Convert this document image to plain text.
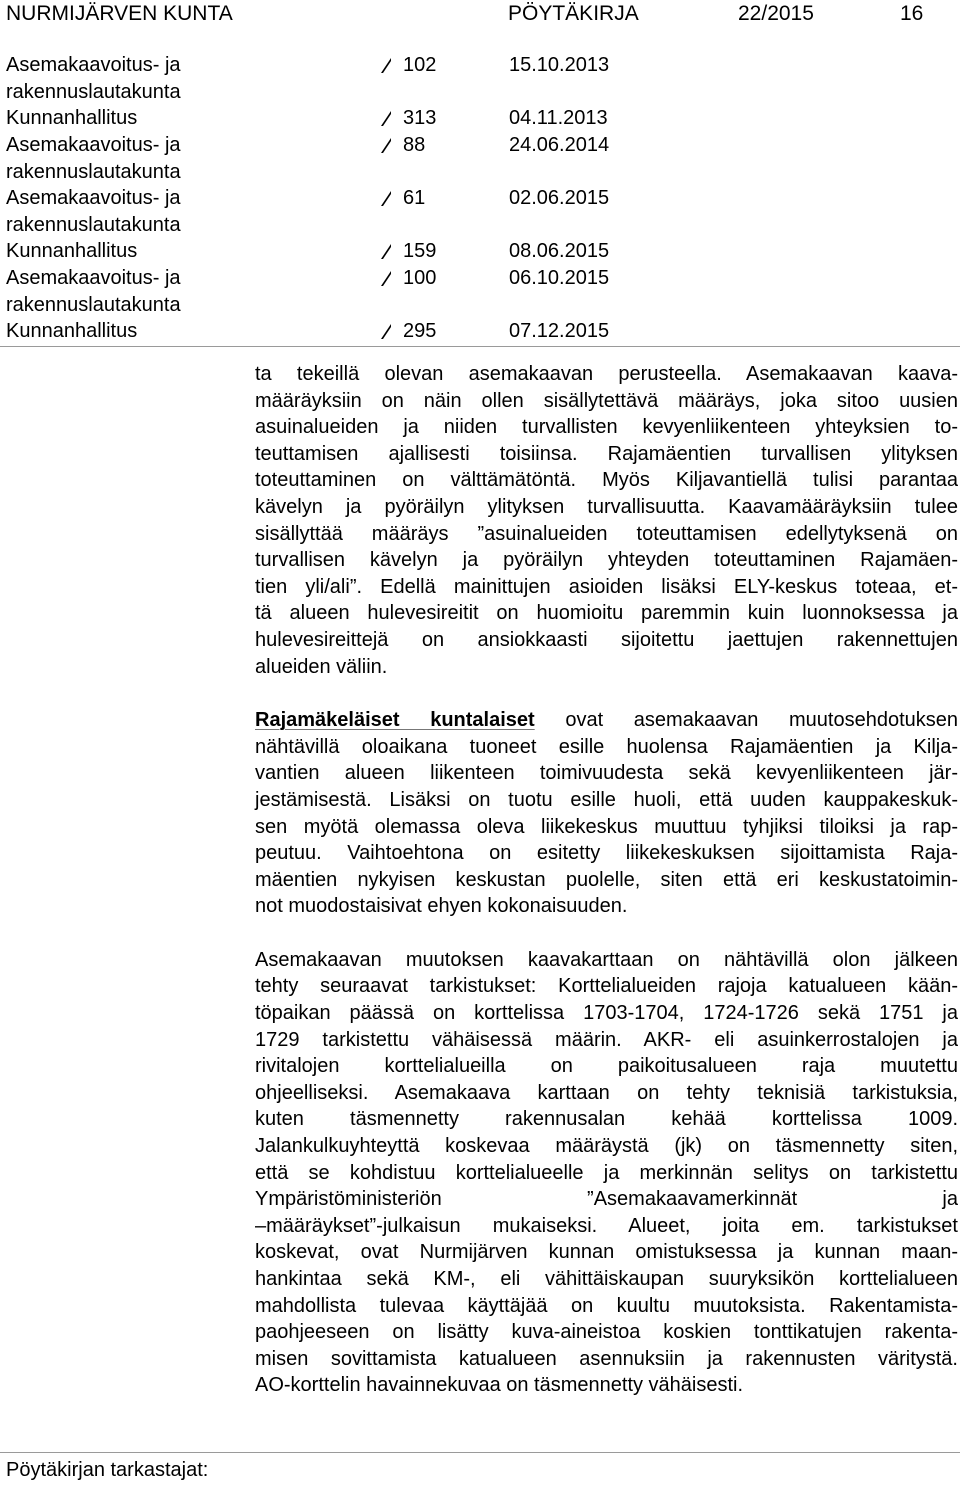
NURMIJÄRVEN KUNTA	PÖYTÄKIRJA	22/2015	16
Asemakaavoitus- ja
rakennuslautakunta
102	15.10.2013
Kunnanhallitus	313	04.11.2013
Asemakaavoitus- ja
rakennuslautakunta
88	24.06.2014
Asemakaavoitus- ja
rakennuslautakunta
61	02.06.2015
Kunnanhallitus	159	08.06.2015
Asemakaavoitus- ja
rakennuslautakunta
100	06.10.2015
Kunnanhallitus	295	07.12.2015

ta tekeillä olevan asemakaavan perusteella. Asemakaavan kaava-
määräyksiin on näin ollen sisällytettävä määräys, joka sitoo uusien
asuinalueiden ja niiden turvallisten kevyenliikenteen yhteyksien to-
teuttamisen ajallisesti toisiinsa. Rajamäentien turvallisen ylityksen
toteuttaminen on välttämätöntä. Myös Kiljavantiellä tulisi parantaa
kävelyn ja pyöräilyn ylityksen turvallisuutta. Kaavamääräyksiin tulee
sisällyttää määräys ”asuinalueiden toteuttamisen edellytyksenä on
turvallisen kävelyn ja pyöräilyn yhteyden toteuttaminen Rajamäen-
tien yli/ali”. Edellä mainittujen asioiden lisäksi ELY-keskus toteaa, et-
tä alueen hulevesireitit on huomioitu paremmin kuin luonnoksessa ja
hulevesireittejä on ansiokkaasti sijoitettu jaettujen rakennettujen
alueiden väliin.

Rajamäkeläiset kuntalaiset ovat asemakaavan muutosehdotuksen
nähtävillä oloaikana tuoneet esille huolensa Rajamäentien ja Kilja-
vantien alueen liikenteen toimivuudesta sekä kevyenliikenteen jär-
jestämisestä. Lisäksi on tuotu esille huoli, että uuden kauppakeskuk-
sen myötä olemassa oleva liikekeskus muuttuu tyhjiksi tiloiksi ja rap-
peutuu. Vaihtoehtona on esitetty liikekeskuksen sijoittamista Raja-
mäentien nykyisen keskustan puolelle, siten että eri keskustatoimin-
not muodostaisivat ehyen kokonaisuuden.

Asemakaavan muutoksen kaavakarttaan on nähtävillä olon jälkeen
tehty seuraavat tarkistukset: Korttelialueiden rajoja katualueen kään-
töpaikan päässä on korttelissa 1703-1704, 1724-1726 sekä 1751 ja
1729 tarkistettu vähäisessä määrin. AKR- eli asuinkerrostalojen ja
rivitalojen korttelialueilla on paikoitusalueen raja muutettu
ohjeelliseksi. Asemakaava karttaan on tehty teknisiä tarkistuksia,
kuten täsmennetty rakennusalan kehää korttelissa 1009.
Jalankulkuyhteyttä koskevaa määräystä (jk) on täsmennetty siten,
että se kohdistuu korttelialueelle ja merkinnän selitys on tarkistettu
Ympäristöministeriön ”Asemakaavamerkinnät ja
–määräykset”-julkaisun mukaiseksi. Alueet, joita em. tarkistukset
koskevat, ovat Nurmijärven kunnan omistuksessa ja kunnan maan-
hankintaa sekä KM-, eli vähittäiskaupan suuryksikön korttelialueen
mahdollista tulevaa käyttäjää on kuultu muutoksista. Rakentamista-
paohjeeseen on lisätty kuva-aineistoa koskien tonttikatujen rakenta-
misen sovittamista katualueen asennuksiin ja rakennusten väritystä.
AO-korttelin havainnekuvaa on täsmennetty vähäisesti.

Pöytäkirjan tarkastajat:
